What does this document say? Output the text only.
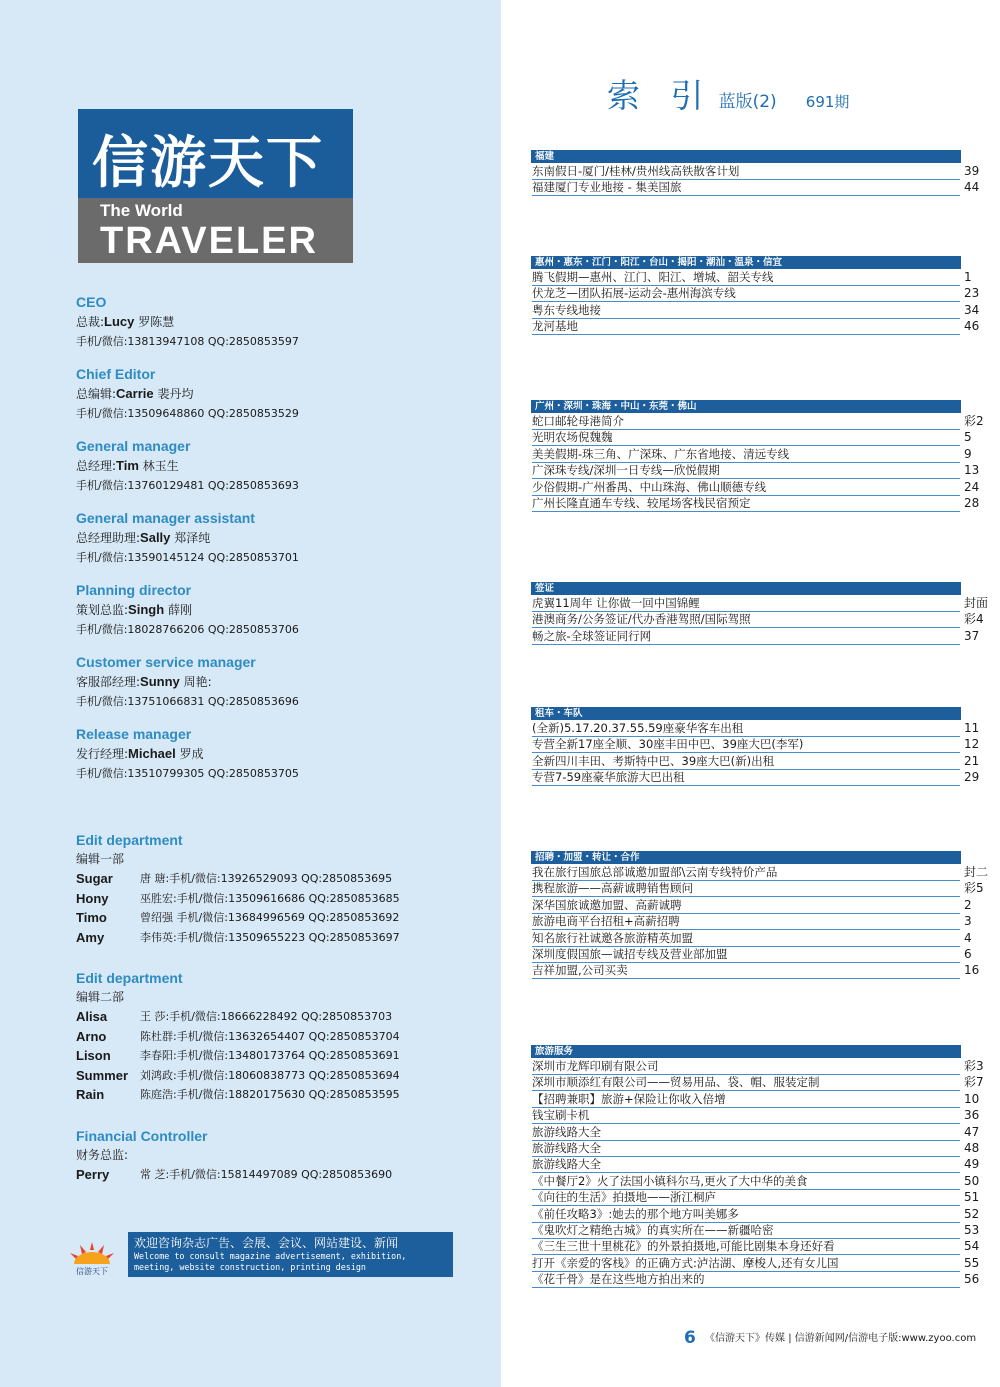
信游天下
The World
TRAVELER
CEO
总裁:Lucy 罗陈慧
手机/微信:13813947108 QQ:2850853597
Chief Editor
总编辑:Carrie 裴丹均
手机/微信:13509648860 QQ:2850853529
General manager
总经理:Tim 林玉生
手机/微信:13760129481 QQ:2850853693
General manager assistant
总经理助理:Sally 郑泽纯
手机/微信:13590145124 QQ:2850853701
Planning director
策划总监:Singh 薛刚
手机/微信:18028766206 QQ:2850853706
Customer service manager
客服部经理:Sunny 周艳:
手机/微信:13751066831 QQ:2850853696
Release manager
发行经理:Michael 罗成
手机/微信:13510799305 QQ:2850853705
Edit department
编辑一部
Sugar	唐 瑭:手机/微信:13926529093 QQ:2850853695
Hony	巫胜宏:手机/微信:13509616686 QQ:2850853685
Timo	曾绍强 手机/微信:13684996569 QQ:2850853692
Amy	李伟英:手机/微信:13509655223 QQ:2850853697
Edit department
编辑二部
Alisa	王 莎:手机/微信:18666228492 QQ:2850853703
Arno	陈杜群:手机/微信:13632654407 QQ:2850853704
Lison	李春阳:手机/微信:13480173764 QQ:2850853691
Summer	刘鸿政:手机/微信:18060838773 QQ:2850853694
Rain	陈庭浩:手机/微信:18820175630 QQ:2850853595
Financial Controller
财务总监:
Perry	常 芝:手机/微信:15814497089 QQ:2850853690
信游天下
欢迎咨询杂志广告、会展、会议、网站建设、新闻
Welcome to consult magazine advertisement, exhibition,
meeting, website construction, printing design
索 引 蓝版(2) 691期
福建
东南假日-厦门/桂林/贵州线高铁散客计划	39
福建厦门专业地接 - 集美国旅	44
惠州・惠东・江门・阳江・台山・揭阳・潮汕・温泉・信宜
腾飞假期—惠州、江门、阳江、增城、韶关专线	1
伏龙芝—团队拓展-运动会-惠州海滨专线	23
粤东专线地接	34
龙河基地	46
广州・深圳・珠海・中山・东莞・佛山
蛇口邮轮母港简介	彩2
光明农场倪魏魏	5
美美假期-珠三角、广深珠、广东省地接、清远专线	9
广深珠专线/深圳一日专线—欣悦假期	13
少俗假期-广州番禺、中山珠海、佛山顺德专线	24
广州长隆直通车专线、较尾场客栈民宿预定	28
签证
虎翼11周年 让你做一回中国锦鲤	封面
港澳商务/公务签证/代办香港驾照/国际驾照	彩4
畅之旅-全球签证同行网	37
租车・车队
(全新)5.17.20.37.55.59座豪华客车出租	11
专营全新17座全顺、30座丰田中巴、39座大巴(李军)	12
全新四川丰田、考斯特中巴、39座大巴(新)出租	21
专营7-59座豪华旅游大巴出租	29
招聘・加盟・转让・合作
我在旅行国旅总部诚邀加盟部\云南专线特价产品	封二
携程旅游——高薪诚聘销售顾问	彩5
深华国旅诚邀加盟、高薪诚聘	2
旅游电商平台招租+高薪招聘	3
知名旅行社诚邀各旅游精英加盟	4
深圳度假国旅—诚招专线及营业部加盟	6
吉祥加盟,公司买卖	16
旅游服务
深圳市龙辉印刷有限公司	彩3
深圳市顺添红有限公司——贸易用品、袋、帽、服装定制	彩7
【招聘兼职】旅游+保险让你收入倍增	10
钱宝刷卡机	36
旅游线路大全	47
旅游线路大全	48
旅游线路大全	49
《中餐厅2》火了法国小镇科尔马,更火了大中华的美食	50
《向往的生活》拍摄地——浙江桐庐	51
《前任攻略3》:她去的那个地方叫美娜多	52
《鬼吹灯之精绝古城》的真实所在——新疆哈密	53
《三生三世十里桃花》的外景拍摄地,可能比剧集本身还好看	54
打开《亲爱的客栈》的正确方式:泸沽湖、摩梭人,还有女儿国	55
《花千骨》是在这些地方拍出来的	56
6 《信游天下》传媒 | 信游新闻网/信游电子版:www.zyoo.com
